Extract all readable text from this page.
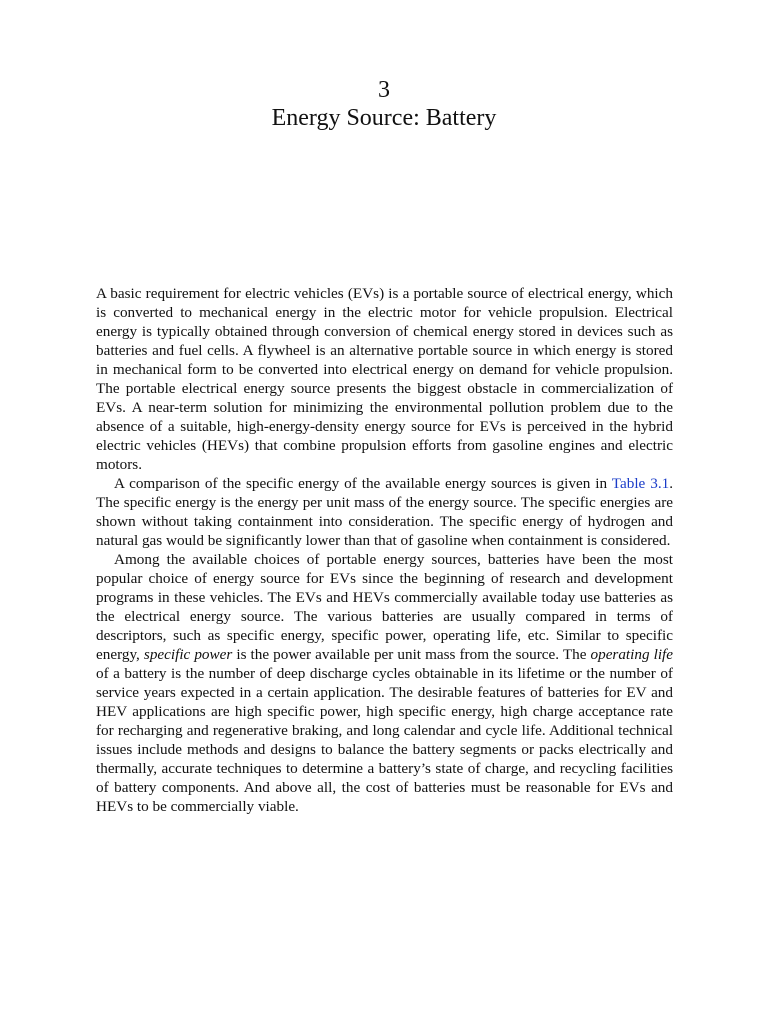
3
Energy Source: Battery

A basic requirement for electric vehicles (EVs) is a portable source of electrical energy, which is converted to mechanical energy in the electric motor for vehicle propulsion. Electrical energy is typically obtained through conversion of chemical energy stored in devices such as batteries and fuel cells. A flywheel is an alternative portable source in which energy is stored in mechanical form to be converted into electrical energy on demand for vehicle propulsion. The portable electrical energy source presents the biggest obstacle in commercialization of EVs. A near-term solution for minimizing the environmental pollution problem due to the absence of a suitable, high-energy-density energy source for EVs is perceived in the hybrid electric vehicles (HEVs) that combine propulsion efforts from gasoline engines and electric motors.

A comparison of the specific energy of the available energy sources is given in Table 3.1. The specific energy is the energy per unit mass of the energy source. The specific energies are shown without taking containment into consideration. The specific energy of hydrogen and natural gas would be significantly lower than that of gasoline when containment is considered.

Among the available choices of portable energy sources, batteries have been the most popular choice of energy source for EVs since the beginning of research and development programs in these vehicles. The EVs and HEVs commercially available today use batteries as the electrical energy source. The various batteries are usually compared in terms of descriptors, such as specific energy, specific power, operating life, etc. Similar to specific energy, specific power is the power available per unit mass from the source. The operating life of a battery is the number of deep discharge cycles obtainable in its lifetime or the number of service years expected in a certain application. The desirable features of batteries for EV and HEV applications are high specific power, high specific energy, high charge acceptance rate for recharging and regenerative braking, and long calendar and cycle life. Additional technical issues include methods and designs to balance the battery segments or packs electrically and thermally, accurate techniques to determine a battery’s state of charge, and recycling facilities of battery components. And above all, the cost of batteries must be reasonable for EVs and HEVs to be commercially viable.
